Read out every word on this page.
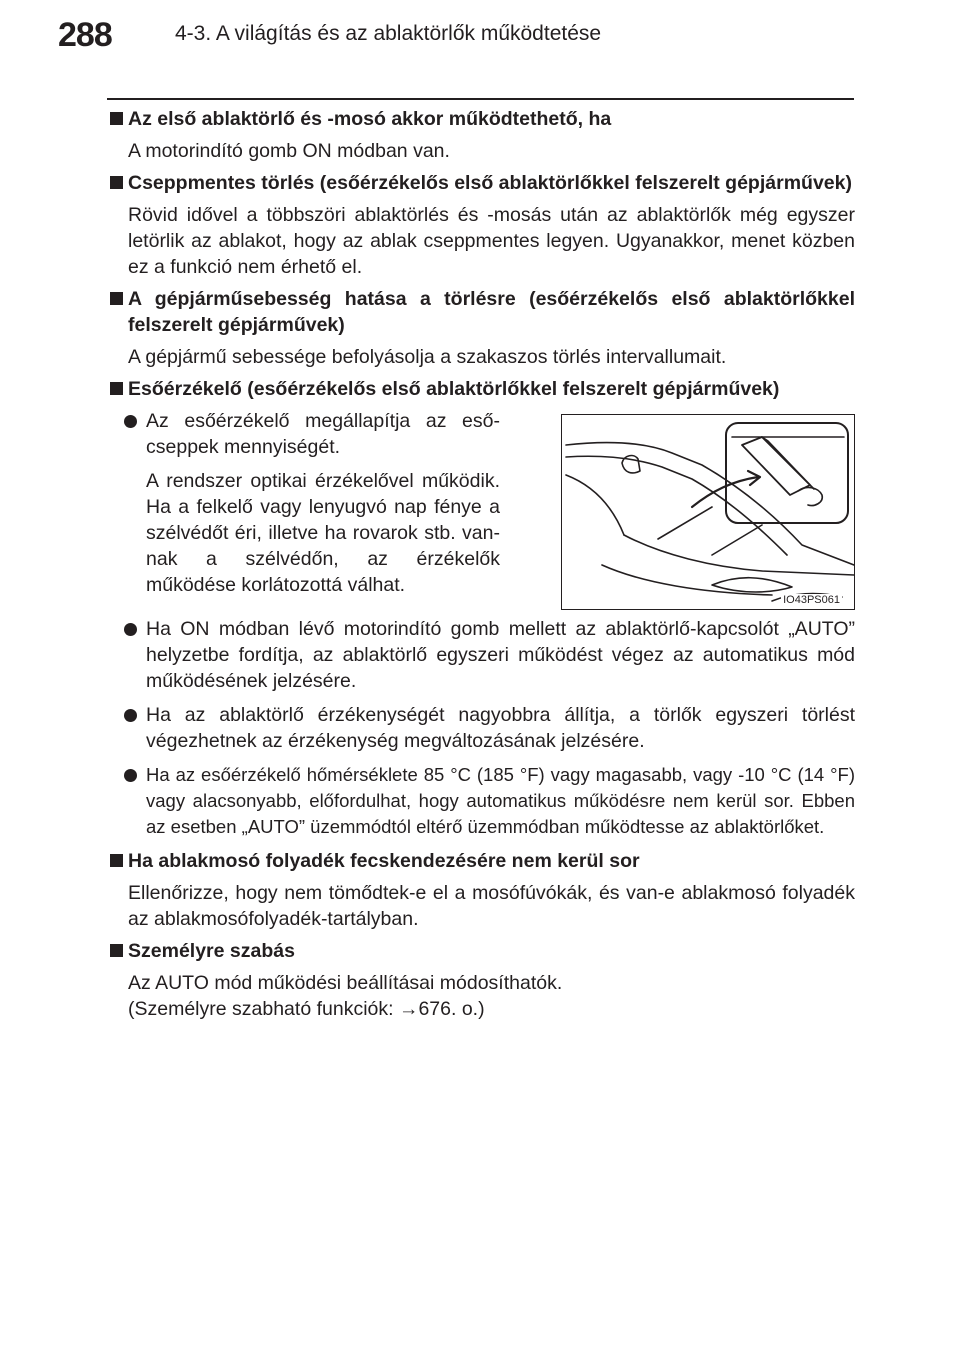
288	4-3. A világítás és az ablaktörlők működtetése
Az első ablaktörlő és -mosó akkor működtethető, ha
A motorindító gomb ON módban van.
Cseppmentes törlés (esőérzékelős első ablaktörlőkkel felszerelt gépjárművek)
Rövid idővel a többszöri ablaktörlés és -mosás után az ablaktörlők még egyszer letörlik az ablakot, hogy az ablak cseppmentes legyen. Ugyanakkor, menet közben ez a funkció nem érhető el.
A gépjárműsebesség hatása a törlésre (esőérzékelős első ablaktörlőkkel felszerelt gépjárművek)
A gépjármű sebessége befolyásolja a szakaszos törlés intervallumait.
Esőérzékelő (esőérzékelős első ablaktörlőkkel felszerelt gépjárművek)
Az esőérzékelő megállapítja az esőcseppek mennyiségét.
A rendszer optikai érzékelővel működik. Ha a felkelő vagy lenyugvó nap fénye a szélvédőt éri, illetve ha rovarok stb. vannak a szélvédőn, az érzékelők működése korlátozottá válhat.
IO43PS061
Ha ON módban lévő motorindító gomb mellett az ablaktörlő-kapcsolót „AUTO” helyzetbe fordítja, az ablaktörlő egyszeri működést végez az automatikus mód működésének jelzésére.
Ha az ablaktörlő érzékenységét nagyobbra állítja, a törlők egyszeri törlést végezhetnek az érzékenység megváltozásának jelzésére.
Ha az esőérzékelő hőmérséklete 85 °C (185 °F) vagy magasabb, vagy -10 °C (14 °F) vagy alacsonyabb, előfordulhat, hogy automatikus működésre nem kerül sor. Ebben az esetben „AUTO” üzemmódtól eltérő üzemmódban működtesse az ablaktörlőket.
Ha ablakmosó folyadék fecskendezésére nem kerül sor
Ellenőrizze, hogy nem tömődtek-e el a mosófúvókák, és van-e ablakmosó folyadék az ablakmosófolyadék-tartályban.
Személyre szabás
Az AUTO mód működési beállításai módosíthatók.
(Személyre szabható funkciók: →676. o.)
